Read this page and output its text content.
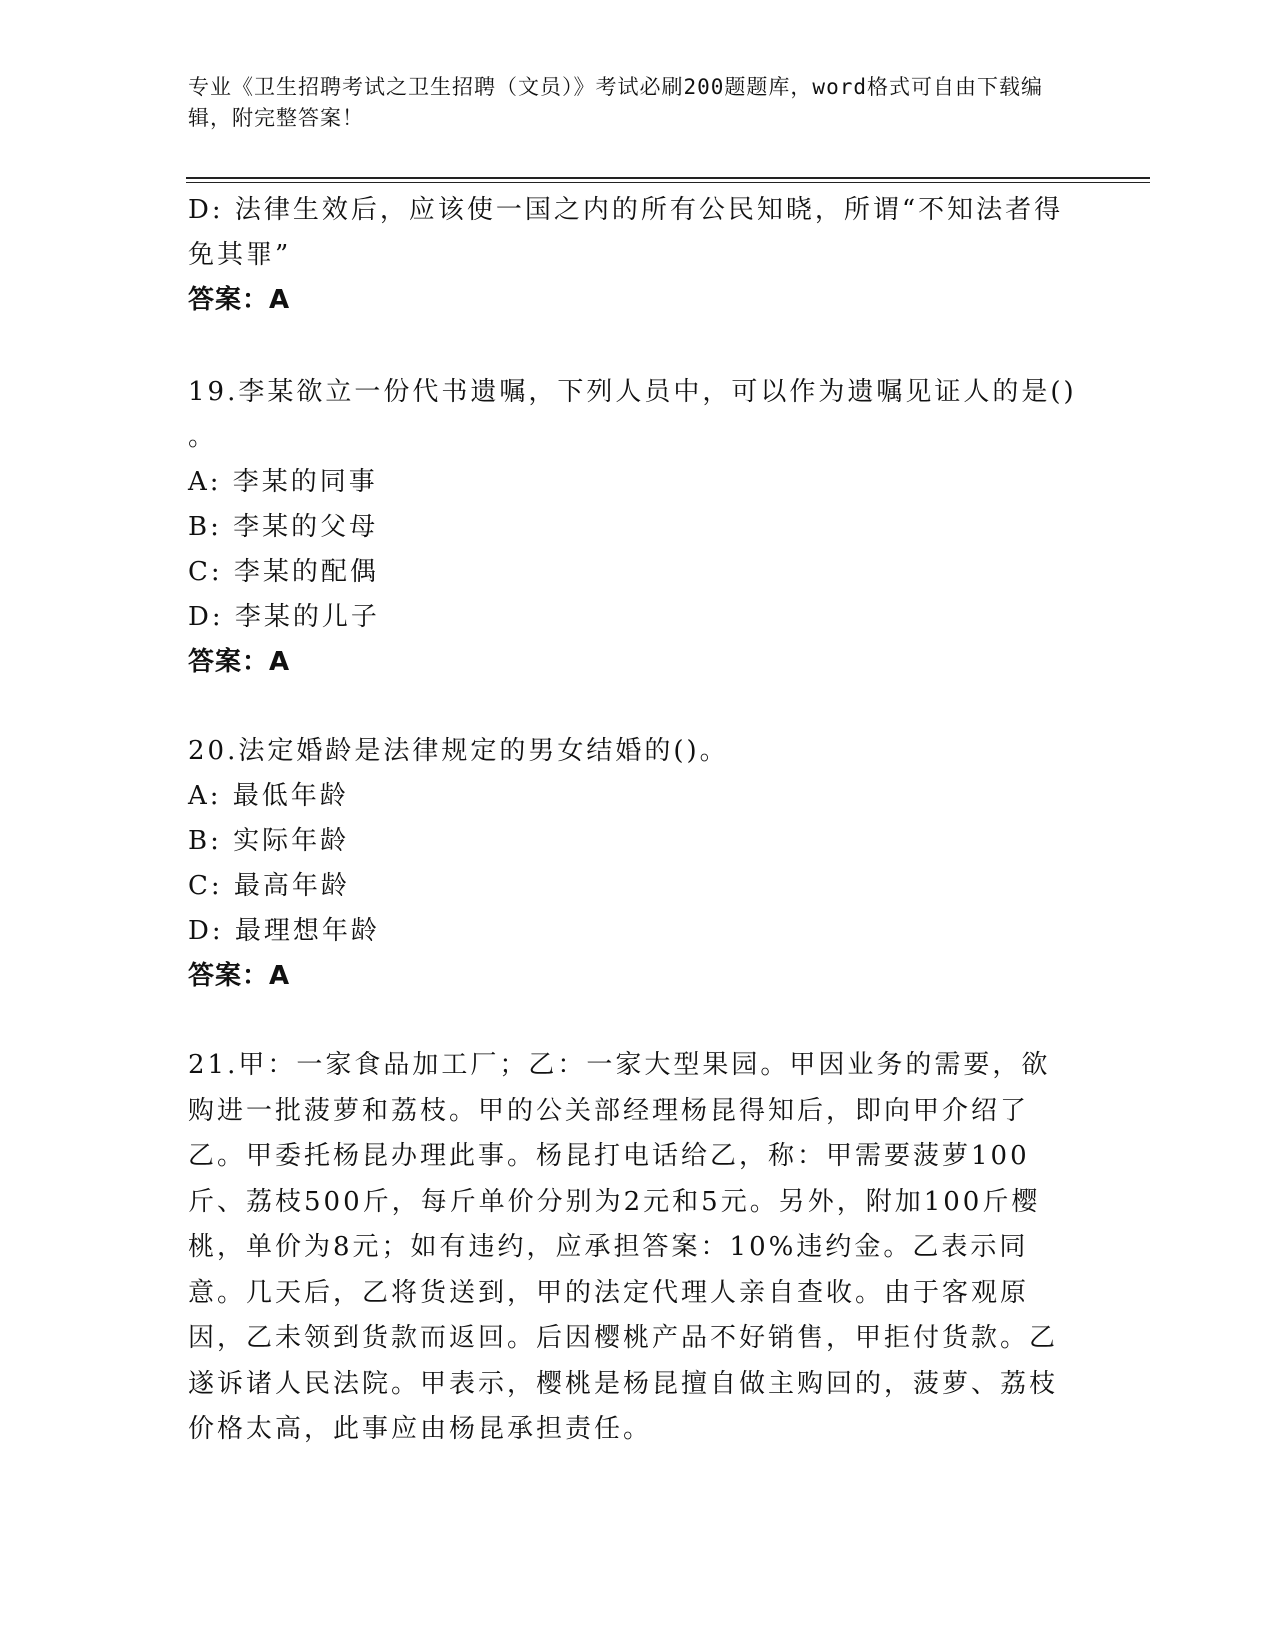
专业《卫生招聘考试之卫生招聘（文员）》考试必刷200题题库，word格式可自由下载编辑，附完整答案！
D: 法律生效后，应该使一国之内的所有公民知晓，所谓“不知法者得
免其罪”
答案：A
19.李某欲立一份代书遗嘱，下列人员中，可以作为遗嘱见证人的是()
。
A: 李某的同事
B: 李某的父母
C: 李某的配偶
D: 李某的儿子
答案：A
20.法定婚龄是法律规定的男女结婚的()。
A: 最低年龄
B: 实际年龄
C: 最高年龄
D: 最理想年龄
答案：A
21.甲：一家食品加工厂；乙：一家大型果园。甲因业务的需要，欲购进一批菠萝和荔枝。甲的公关部经理杨昆得知后，即向甲介绍了乙。甲委托杨昆办理此事。杨昆打电话给乙，称：甲需要菠萝100斤、荔枝500斤，每斤单价分别为2元和5元。另外，附加100斤樱桃，单价为8元；如有违约，应承担答案：10%违约金。乙表示同意。几天后，乙将货送到，甲的法定代理人亲自查收。由于客观原因，乙未领到货款而返回。后因樱桃产品不好销售，甲拒付货款。乙遂诉诸人民法院。甲表示，樱桃是杨昆擅自做主购回的，菠萝、荔枝价格太高，此事应由杨昆承担责任。
